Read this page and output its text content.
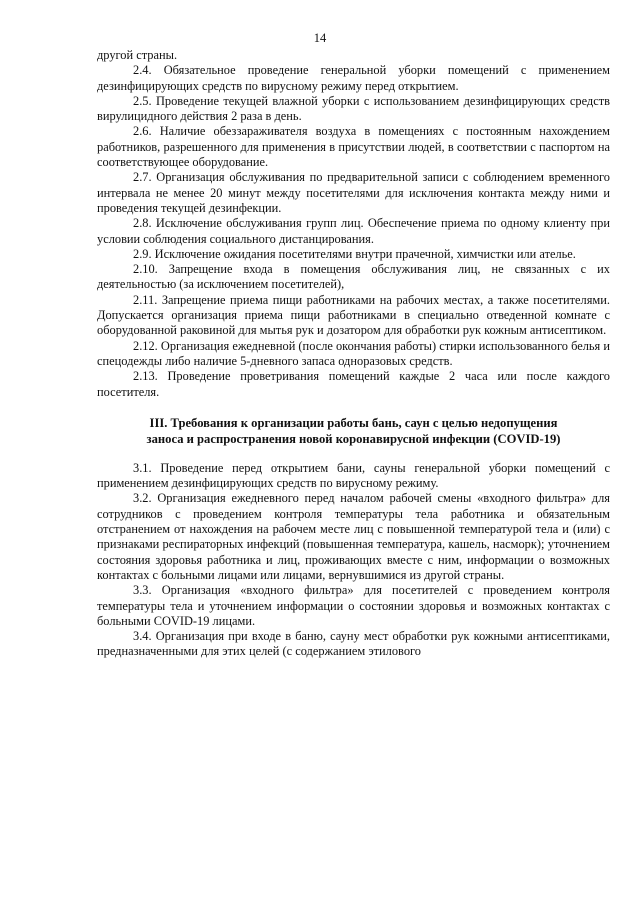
14

другой страны.

2.4. Обязательное проведение генеральной уборки помещений с применением дезинфицирующих средств по вирусному режиму перед открытием.

2.5. Проведение текущей влажной уборки с использованием дезинфицирующих средств вирулицидного действия 2 раза в день.

2.6. Наличие обеззараживателя воздуха в помещениях с постоянным нахождением работников, разрешенного для применения в присутствии людей, в соответствии с паспортом на соответствующее оборудование.

2.7. Организация обслуживания по предварительной записи с соблюдением временного интервала не менее 20 минут между посетителями для исключения контакта между ними и проведения текущей дезинфекции.

2.8. Исключение обслуживания групп лиц. Обеспечение приема по одному клиенту при условии соблюдения социального дистанцирования.

2.9. Исключение ожидания посетителями внутри прачечной, химчистки или ателье.

2.10. Запрещение входа в помещения обслуживания лиц, не связанных с их деятельностью (за исключением посетителей),

2.11. Запрещение приема пищи работниками на рабочих местах, а также посетителями. Допускается организация приема пищи работниками в специально отведенной комнате с оборудованной раковиной для мытья рук и дозатором для обработки рук кожным антисептиком.

2.12. Организация ежедневной (после окончания работы) стирки использованного белья и спецодежды либо наличие 5-дневного запаса одноразовых средств.

2.13. Проведение проветривания помещений каждые 2 часа или после каждого посетителя.

III. Требования к организации работы бань, саун с целью недопущения
заноса и распространения новой коронавирусной инфекции (COVID-19)

3.1. Проведение перед открытием бани, сауны генеральной уборки помещений с применением дезинфицирующих средств по вирусному режиму.

3.2. Организация ежедневного перед началом рабочей смены «входного фильтра» для сотрудников с проведением контроля температуры тела работника и обязательным отстранением от нахождения на рабочем месте лиц с повышенной температурой тела и (или) с признаками респираторных инфекций (повышенная температура, кашель, насморк); уточнением состояния здоровья работника и лиц, проживающих вместе с ним, информации о возможных контактах с больными лицами или лицами, вернувшимися из другой страны.

3.3. Организация «входного фильтра» для посетителей с проведением контроля температуры тела и уточнением информации о состоянии здоровья и возможных контактах с больными COVID-19 лицами.

3.4. Организация при входе в баню, сауну мест обработки рук кожными антисептиками, предназначенными для этих целей (с содержанием этилового
